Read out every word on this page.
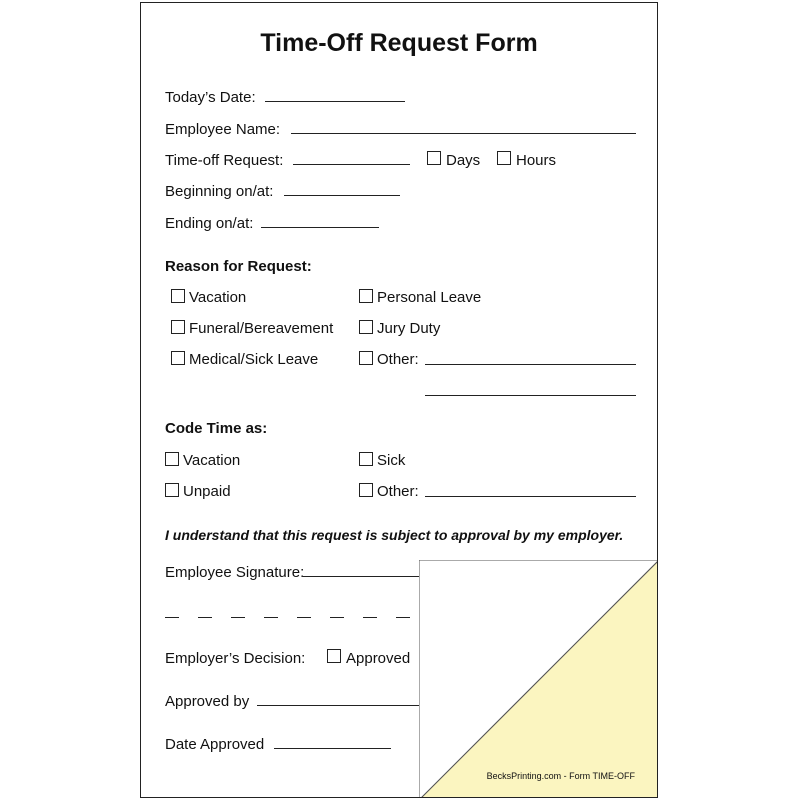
Time-Off Request Form
Today’s Date:
Employee Name:
Time-off Request:	Days Hours
Beginning on/at:
Ending on/at:
Reason for Request:
Vacation	Personal Leave
Funeral/Bereavement	Jury Duty
Medical/Sick Leave	Other:
Code Time as:
Vacation	Sick
Unpaid	Other:
I understand that this request is subject to approval by my employer.
Employee Signature:
Employer’s Decision:	Approved
Approved by
Date Approved
BecksPrinting.com - Form TIME-OFF
